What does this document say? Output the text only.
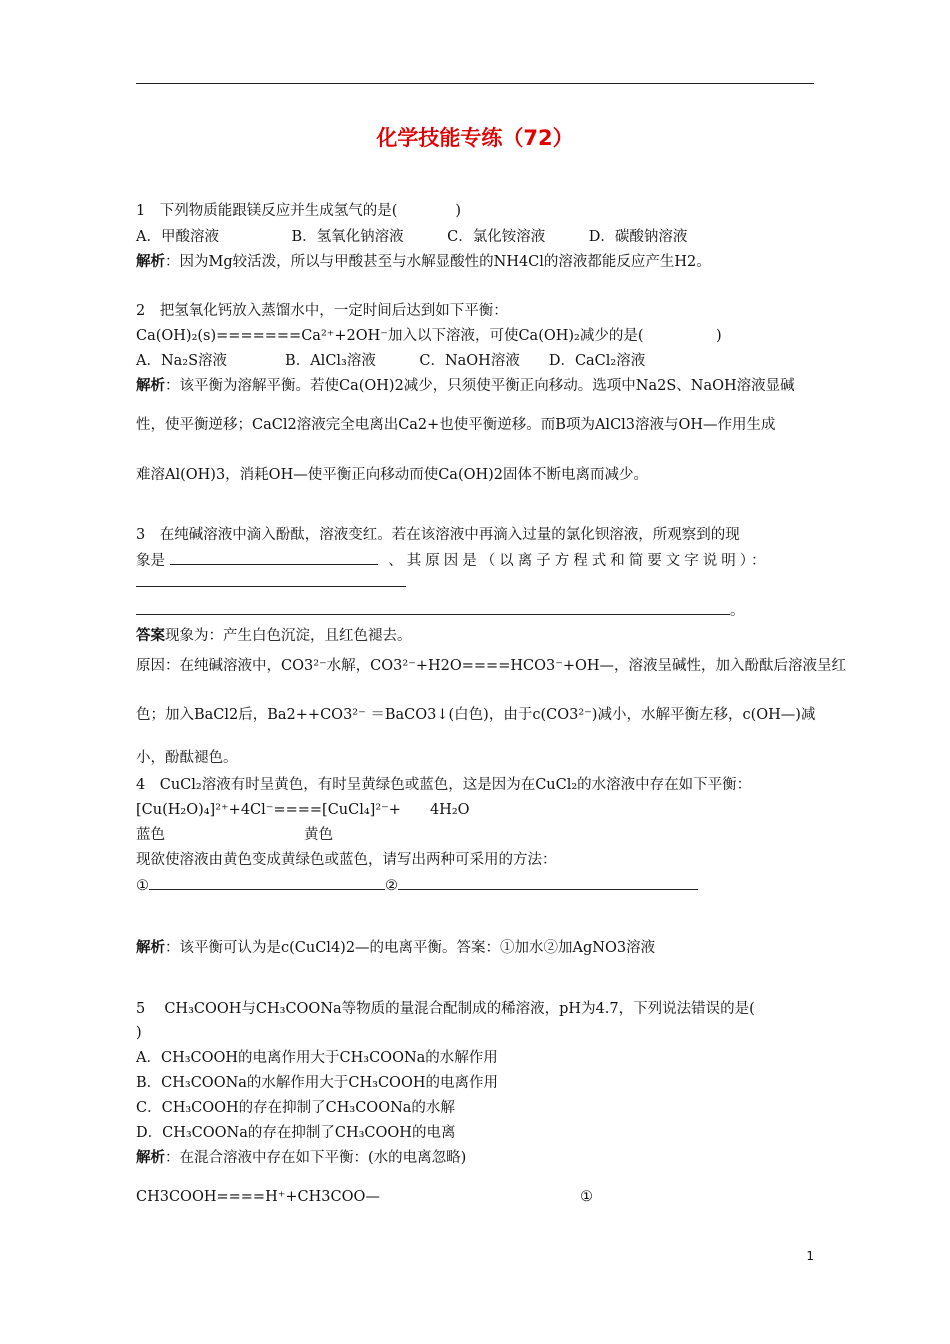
化学技能专练（72）
1　下列物质能跟镁反应并生成氢气的是(　　　　)
A．甲酸溶液　　　　　B．氢氧化钠溶液　　　C．氯化铵溶液　　　D．碳酸钠溶液
解析：因为Mg较活泼，所以与甲酸甚至与水解显酸性的NH4Cl的溶液都能反应产生H2。
2　把氢氧化钙放入蒸馏水中，一定时间后达到如下平衡：
Ca(OH)₂(s)=======Ca²⁺+2OH⁻加入以下溶液，可使Ca(OH)₂减少的是(　　　　　)
A．Na₂S溶液　　　　B．AlCl₃溶液　　　C．NaOH溶液　　D．CaCl₂溶液
解析：该平衡为溶解平衡。若使Ca(OH)2减少，只须使平衡正向移动。选项中Na2S、NaOH溶液显碱
性，使平衡逆移；CaCl2溶液完全电离出Ca2+也使平衡逆移。而B项为AlCl3溶液与OH—作用生成
难溶Al(OH)3，消耗OH—使平衡正向移动而使Ca(OH)2固体不断电离而减少。
3　在纯碱溶液中滴入酚酞，溶液变红。若在该溶液中再滴入过量的氯化钡溶液，所观察到的现
象是	、其原因是（以离子方程式和简要文字说明）：
。
答案现象为：产生白色沉淀，且红色褪去。
原因：在纯碱溶液中，CO3²⁻水解，CO3²⁻+H2O====HCO3⁻+OH—，溶液呈碱性，加入酚酞后溶液呈红
色；加入BaCl2后，Ba2++CO3²⁻ ＝BaCO3↓(白色)，由于c(CO3²⁻)减小，水解平衡左移，c(OH—)减
小，酚酞褪色。
4　CuCl₂溶液有时呈黄色，有时呈黄绿色或蓝色，这是因为在CuCl₂的水溶液中存在如下平衡：
[Cu(H₂O)₄]²⁺+4Cl⁻====[CuCl₄]²⁻+　　4H₂O
蓝色	黄色
现欲使溶液由黄色变成黄绿色或蓝色，请写出两种可采用的方法：
①	②
解析：该平衡可认为是c(CuCl4)2—的电离平衡。答案：①加水②加AgNO3溶液
5　 CH₃COOH与CH₃COONa等物质的量混合配制成的稀溶液，pH为4.7，下列说法错误的是(
)
A．CH₃COOH的电离作用大于CH₃COONa的水解作用
B．CH₃COONa的水解作用大于CH₃COOH的电离作用
C．CH₃COOH的存在抑制了CH₃COONa的水解
D．CH₃COONa的存在抑制了CH₃COOH的电离
解析：在混合溶液中存在如下平衡：(水的电离忽略)
CH3COOH====H⁺+CH3COO—	①
1
